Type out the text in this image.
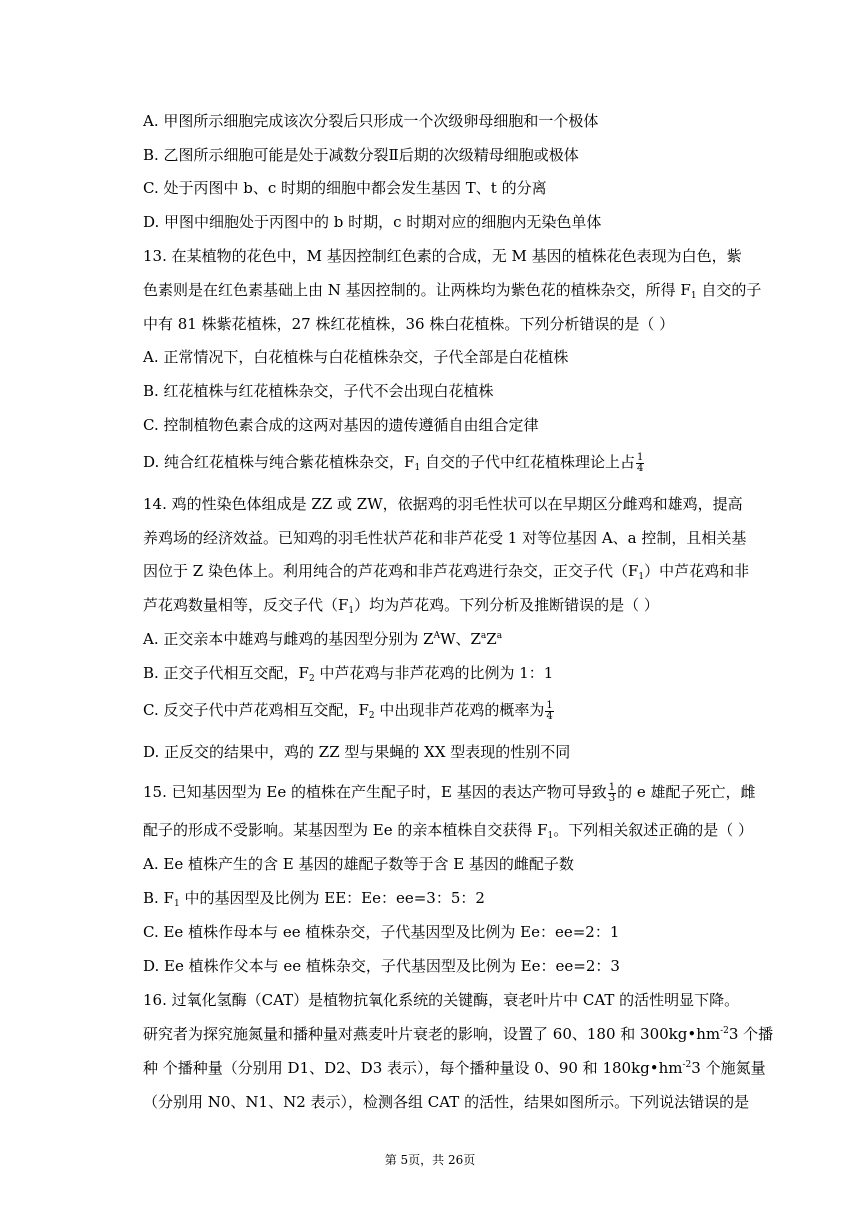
A. 甲图所示细胞完成该次分裂后只形成一个次级卵母细胞和一个极体
B. 乙图所示细胞可能是处于减数分裂Ⅱ后期的次级精母细胞或极体
C. 处于丙图中 b、c 时期的细胞中都会发生基因 T、t 的分离
D. 甲图中细胞处于丙图中的 b 时期，c 时期对应的细胞内无染色单体
13. 在某植物的花色中，M 基因控制红色素的合成，无 M 基因的植株花色表现为白色，紫
色素则是在红色素基础上由 N 基因控制的。让两株均为紫色花的植株杂交，所得 $F_1$ 自交的子
中有 81 株紫花植株，27 株红花植株，36 株白花植株。下列分析错误的是（ ）
A. 正常情况下，白花植株与白花植株杂交，子代全部是白花植株
B. 红花植株与红花植株杂交，子代不会出现白花植株
C. 控制植物色素合成的这两对基因的遗传遵循自由组合定律
D. 纯合红花植株与纯合紫花植株杂交，$F_1$ 自交的子代中红花植株理论上占 $\frac{1}{4}$
14. 鸡的性染色体组成是 ZZ 或 ZW，依据鸡的羽毛性状可以在早期区分雌鸡和雄鸡，提高
养鸡场的经济效益。已知鸡的羽毛性状芦花和非芦花受 1 对等位基因 A、a 控制，且相关基
因位于 Z 染色体上。利用纯合的芦花鸡和非芦花鸡进行杂交，正交子代$(F_1)$中芦花鸡和非
芦花鸡数量相等，反交子代$(F_1)$均为芦花鸡。下列分析及推断错误的是（ ）
A. 正交亲本中雄鸡与雌鸡的基因型分别为 $Z^AW$、$Z^aZ^a$
B. 正交子代相互交配，$F_2$ 中芦花鸡与非芦花鸡的比例为 1：1
C. 反交子代中芦花鸡相互交配，$F_2$ 中出现非芦花鸡的概率为 $\frac{1}{4}$
D. 正反交的结果中，鸡的 ZZ 型与果蝇的 XX 型表现的性别不同
15. 已知基因型为 Ee 的植株在产生配子时，E 基因的表达产物可导致 $\frac{1}{3}$ 的 e 雄配子死亡，雌
配子的形成不受影响。某基因型为 Ee 的亲本植株自交获得 $F_1$。下列相关叙述正确的是（ ）
A. Ee 植株产生的含 E 基因的雄配子数等于含 E 基因的雌配子数
B. $F_1$ 中的基因型及比例为 EE：Ee：ee=3：5：2
C. Ee 植株作母本与 ee 植株杂交，子代基因型及比例为 Ee：ee=2：1
D. Ee 植株作父本与 ee 植株杂交，子代基因型及比例为 Ee：ee=2：3
16. 过氧化氢酶（CAT）是植物抗氧化系统的关键酶，衰老叶片中 CAT 的活性明显下降。
研究者为探究施氮量和播种量对燕麦叶片衰老的影响，设置了 60、180 和 $300kg•hm^{-2}3$ 个播
种 个播种量（分别用 D1、D2、D3 表示），每个播种量设 0、90 和 $180kg•hm^{-2}3$ 个施氮量
（分别用 N0、N1、N2 表示），检测各组 CAT 的活性，结果如图所示。下列说法错误的是
第 5页，共 26页
